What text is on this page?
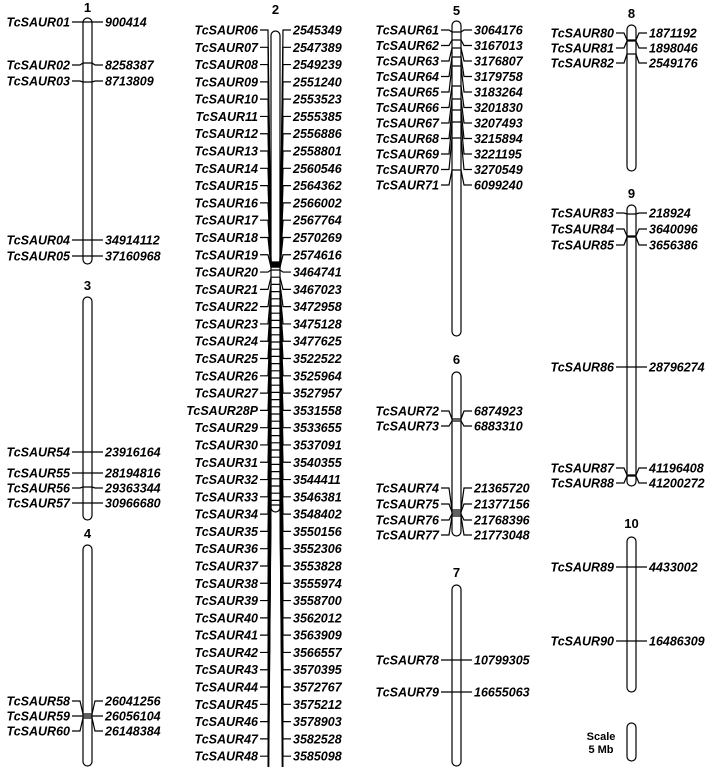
Scale
5 Mb
1
TcSAUR01	900414
TcSAUR02	8258387
TcSAUR03	8713809
TcSAUR04	34914112
TcSAUR05	37160968
2
TcSAUR06	2545349
TcSAUR07	2547389
TcSAUR08	2549239
TcSAUR09	2551240
TcSAUR10	2553523
TcSAUR11	2555385
TcSAUR12	2556886
TcSAUR13	2558801
TcSAUR14	2560546
TcSAUR15	2564362
TcSAUR16	2566002
TcSAUR17	2567764
TcSAUR18	2570269
TcSAUR19	2574616
TcSAUR20	3464741
TcSAUR21	3467023
TcSAUR22	3472958
TcSAUR23	3475128
TcSAUR24	3477625
TcSAUR25	3522522
TcSAUR26	3525964
TcSAUR27	3527957
TcSAUR28P	3531558
TcSAUR29	3533655
TcSAUR30	3537091
TcSAUR31	3540355
TcSAUR32	3544411
TcSAUR33	3546381
TcSAUR34	3548402
TcSAUR35	3550156
TcSAUR36	3552306
TcSAUR37	3553828
TcSAUR38	3555974
TcSAUR39	3558700
TcSAUR40	3562012
TcSAUR41	3563909
TcSAUR42	3566557
TcSAUR43	3570395
TcSAUR44	3572767
TcSAUR45	3575212
TcSAUR46	3578903
TcSAUR47	3582528
TcSAUR48	3585098
3
TcSAUR54	23916164
TcSAUR55	28194816
TcSAUR56	29363344
TcSAUR57	30966680
4
TcSAUR58	26041256
TcSAUR59	26056104
TcSAUR60	26148384
5
TcSAUR61	3064176
TcSAUR62	3167013
TcSAUR63	3176807
TcSAUR64	3179758
TcSAUR65	3183264
TcSAUR66	3201830
TcSAUR67	3207493
TcSAUR68	3215894
TcSAUR69	3221195
TcSAUR70	3270549
TcSAUR71	6099240
6
TcSAUR72	6874923
TcSAUR73	6883310
TcSAUR74	21365720
TcSAUR75	21377156
TcSAUR76	21768396
TcSAUR77	21773048
7
TcSAUR78	10799305
TcSAUR79	16655063
8
TcSAUR80	1871192
TcSAUR81	1898046
TcSAUR82	2549176
9
TcSAUR83	218924
TcSAUR84	3640096
TcSAUR85	3656386
TcSAUR86	28796274
TcSAUR87	41196408
TcSAUR88	41200272
10
TcSAUR89	4433002
TcSAUR90	16486309
